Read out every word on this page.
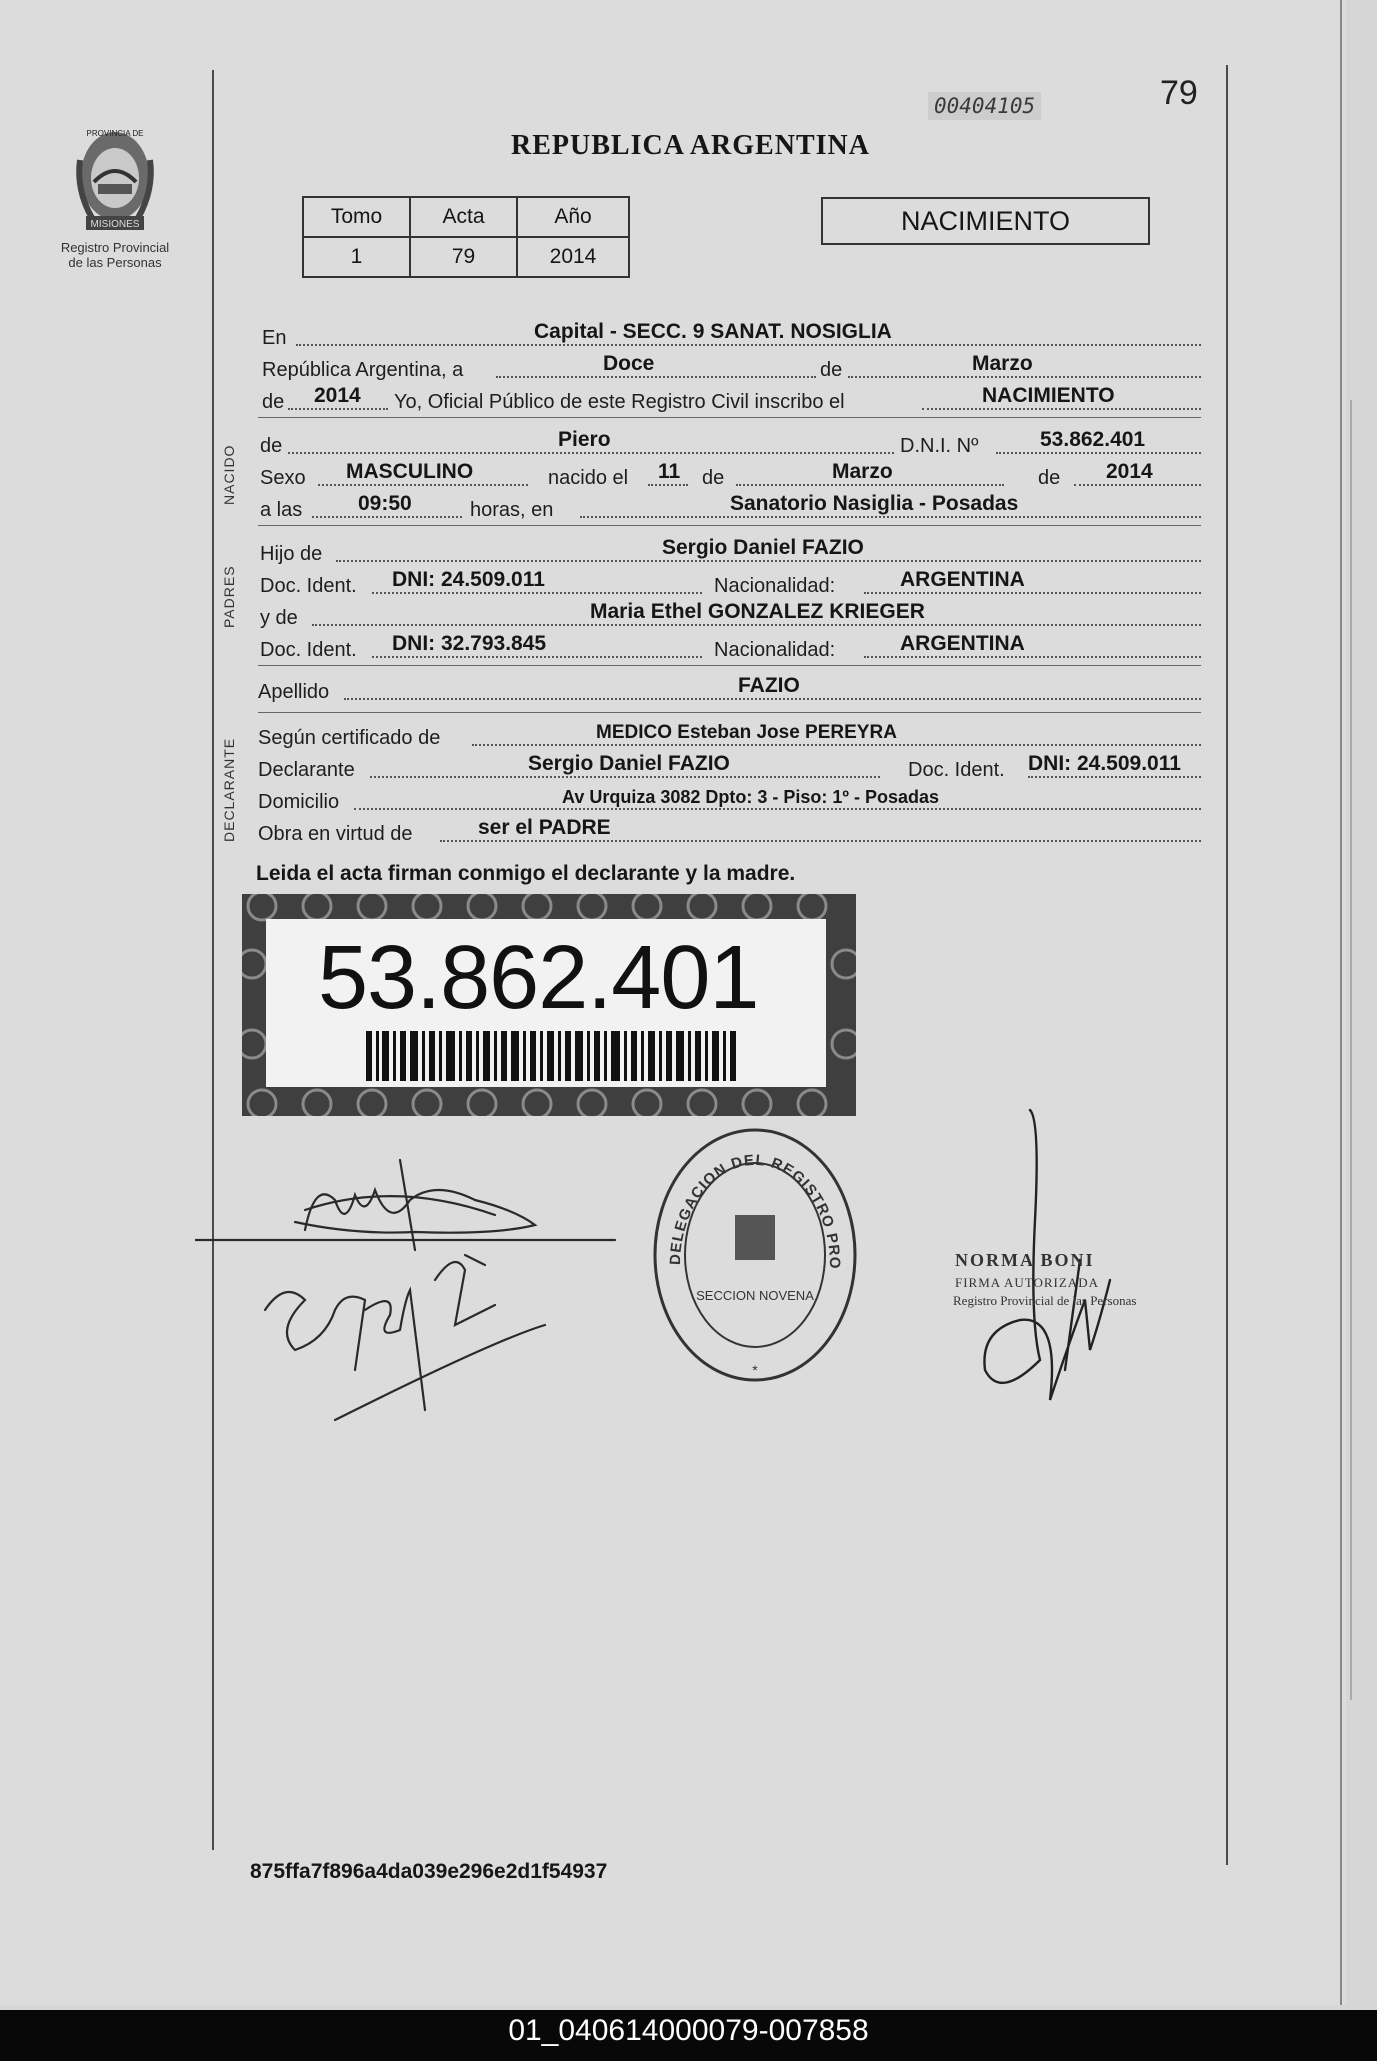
MISIONES
PROVINCIA DE
Registro Provincial
de las Personas
00404105	79
REPUBLICA ARGENTINA
Tomo	Acta	Año
1	79	2014
NACIMIENTO
En	Capital - SECC. 9 SANAT. NOSIGLIA
República Argentina, a	Doce	de	Marzo
de 2014 Yo, Oficial Público de este Registro Civil inscribo el	NACIMIENTO
NACIDO de	Piero	D.N.I. Nº	53.862.401
Sexo MASCULINO	nacido el 11 de	Marzo	de 2014
a las	09:50	horas, en	Sanatorio Nasiglia - Posadas
PADRES
Hijo de	Sergio Daniel FAZIO
Doc. Ident. DNI: 24.509.011	Nacionalidad:	ARGENTINA
y de	Maria Ethel GONZALEZ KRIEGER
Doc. Ident. DNI: 32.793.845	Nacionalidad:	ARGENTINA
Apellido	FAZIO
DECLARANTE Según certificado de	MEDICO Esteban Jose PEREYRA
Declarante	Sergio Daniel FAZIO	Doc. Ident. DNI: 24.509.011
Domicilio	Av Urquiza 3082 Dpto: 3 - Piso: 1º - Posadas
Obra en virtud de	ser el PADRE
Leida el acta firman conmigo el declarante y la madre.
53.862.401
DELEGACION DEL REGISTRO PRO
SECCION NOVENA
*
NORMA BONI
FIRMA AUTORIZADA
Registro Provincial de las Personas
875ffa7f896a4da039e296e2d1f54937
01_040614000079-007858
